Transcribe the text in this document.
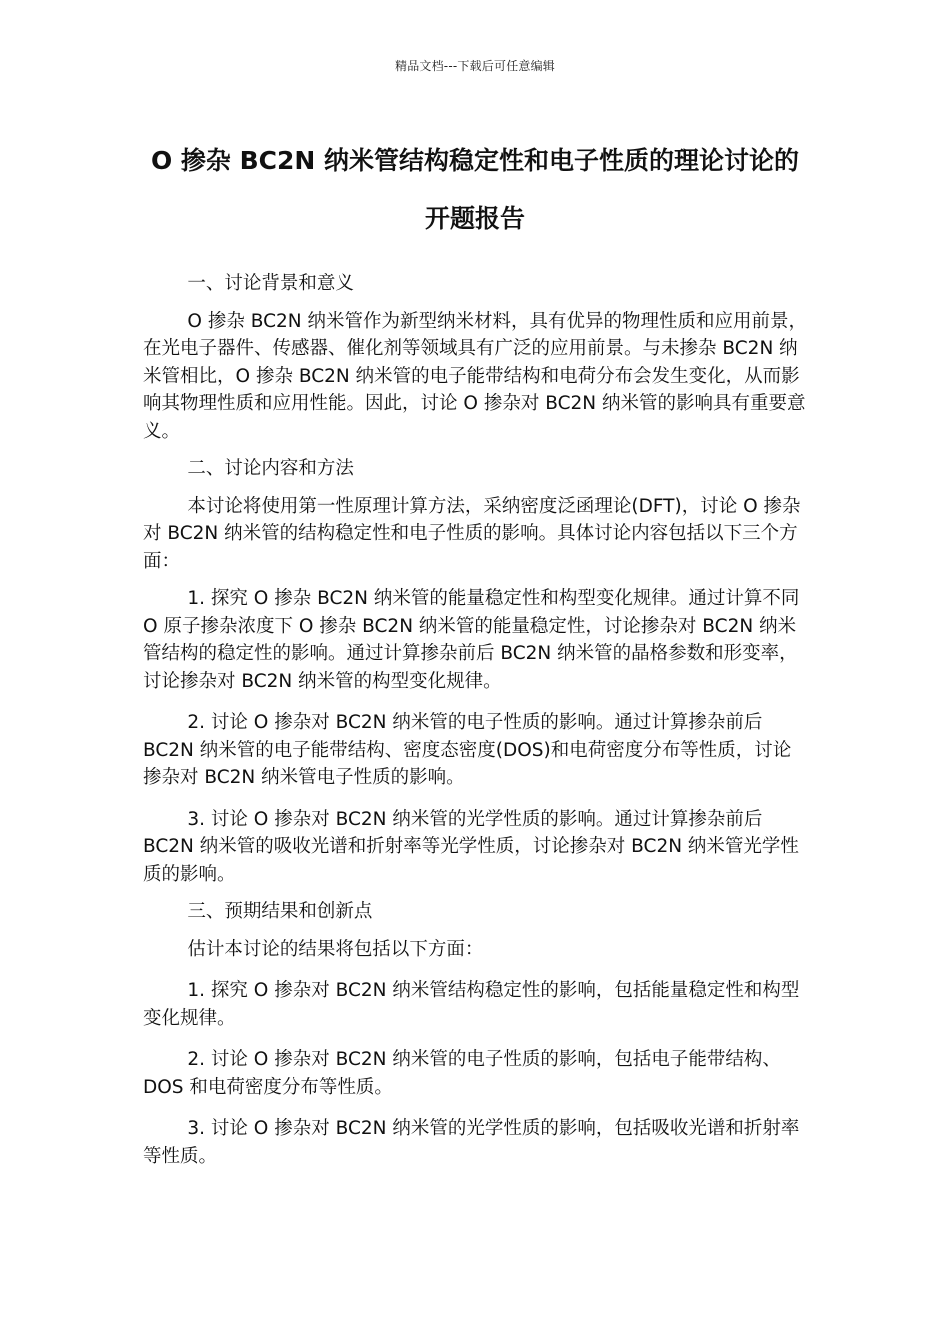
精品文档---下载后可任意编辑
O 掺杂 BC2N 纳米管结构稳定性和电子性质的理论讨论的开题报告

一、讨论背景和意义

O 掺杂 BC2N 纳米管作为新型纳米材料，具有优异的物理性质和应用前景，在光电子器件、传感器、催化剂等领域具有广泛的应用前景。与未掺杂 BC2N 纳米管相比，O 掺杂 BC2N 纳米管的电子能带结构和电荷分布会发生变化，从而影响其物理性质和应用性能。因此，讨论 O 掺杂对 BC2N 纳米管的影响具有重要意义。

二、讨论内容和方法

本讨论将使用第一性原理计算方法，采纳密度泛函理论(DFT)，讨论 O 掺杂对 BC2N 纳米管的结构稳定性和电子性质的影响。具体讨论内容包括以下三个方面：

1. 探究 O 掺杂 BC2N 纳米管的能量稳定性和构型变化规律。通过计算不同 O 原子掺杂浓度下 O 掺杂 BC2N 纳米管的能量稳定性，讨论掺杂对 BC2N 纳米管结构的稳定性的影响。通过计算掺杂前后 BC2N 纳米管的晶格参数和形变率，讨论掺杂对 BC2N 纳米管的构型变化规律。

2. 讨论 O 掺杂对 BC2N 纳米管的电子性质的影响。通过计算掺杂前后 BC2N 纳米管的电子能带结构、密度态密度(DOS)和电荷密度分布等性质，讨论掺杂对 BC2N 纳米管电子性质的影响。

3. 讨论 O 掺杂对 BC2N 纳米管的光学性质的影响。通过计算掺杂前后 BC2N 纳米管的吸收光谱和折射率等光学性质，讨论掺杂对 BC2N 纳米管光学性质的影响。

三、预期结果和创新点

估计本讨论的结果将包括以下方面：

1. 探究 O 掺杂对 BC2N 纳米管结构稳定性的影响，包括能量稳定性和构型变化规律。

2. 讨论 O 掺杂对 BC2N 纳米管的电子性质的影响，包括电子能带结构、DOS 和电荷密度分布等性质。

3. 讨论 O 掺杂对 BC2N 纳米管的光学性质的影响，包括吸收光谱和折射率等性质。
